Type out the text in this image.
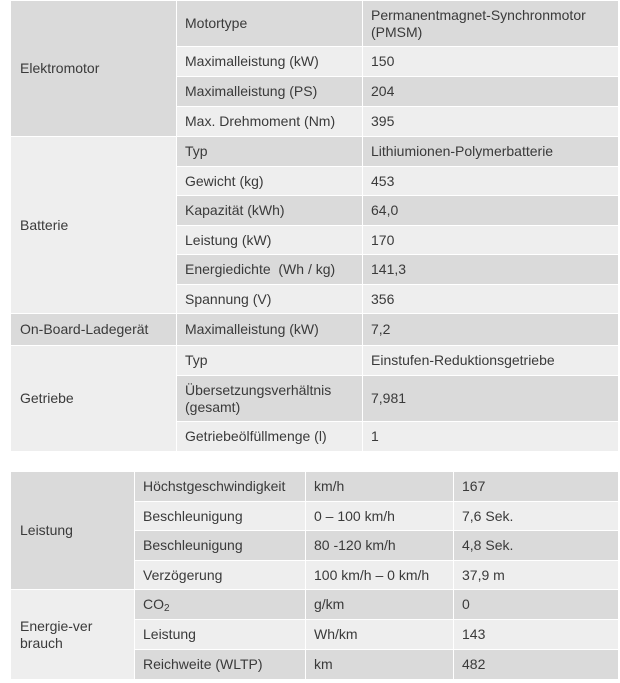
Elektromotor	Motortype	Permanentmagnet-Synchronmotor (PMSM)
	Maximalleistung (kW)	150
	Maximalleistung (PS)	204
	Max. Drehmoment (Nm)	395
Batterie	Typ	Lithiumionen-Polymerbatterie
	Gewicht (kg)	453
	Kapazität (kWh)	64,0
	Leistung (kW)	170
	Energiedichte  (Wh / kg)	141,3
	Spannung (V)	356
On-Board-Ladegerät	Maximalleistung (kW)	7,2
Getriebe	Typ	Einstufen-Reduktionsgetriebe
	Übersetzungsverhältnis (gesamt)	7,981
	Getriebeölfüllmenge (l)	1
Leistung	Höchstgeschwindigkeit	km/h	167
	Beschleunigung	0 – 100 km/h	7,6 Sek.
	Beschleunigung	80 -120 km/h	4,8 Sek.
	Verzögerung	100 km/h – 0 km/h	37,9 m

Energie-verbrauch	$CO_2$	g/km	0
	Leistung	Wh/km	143
	Reichweite (WLTP)	km	482
